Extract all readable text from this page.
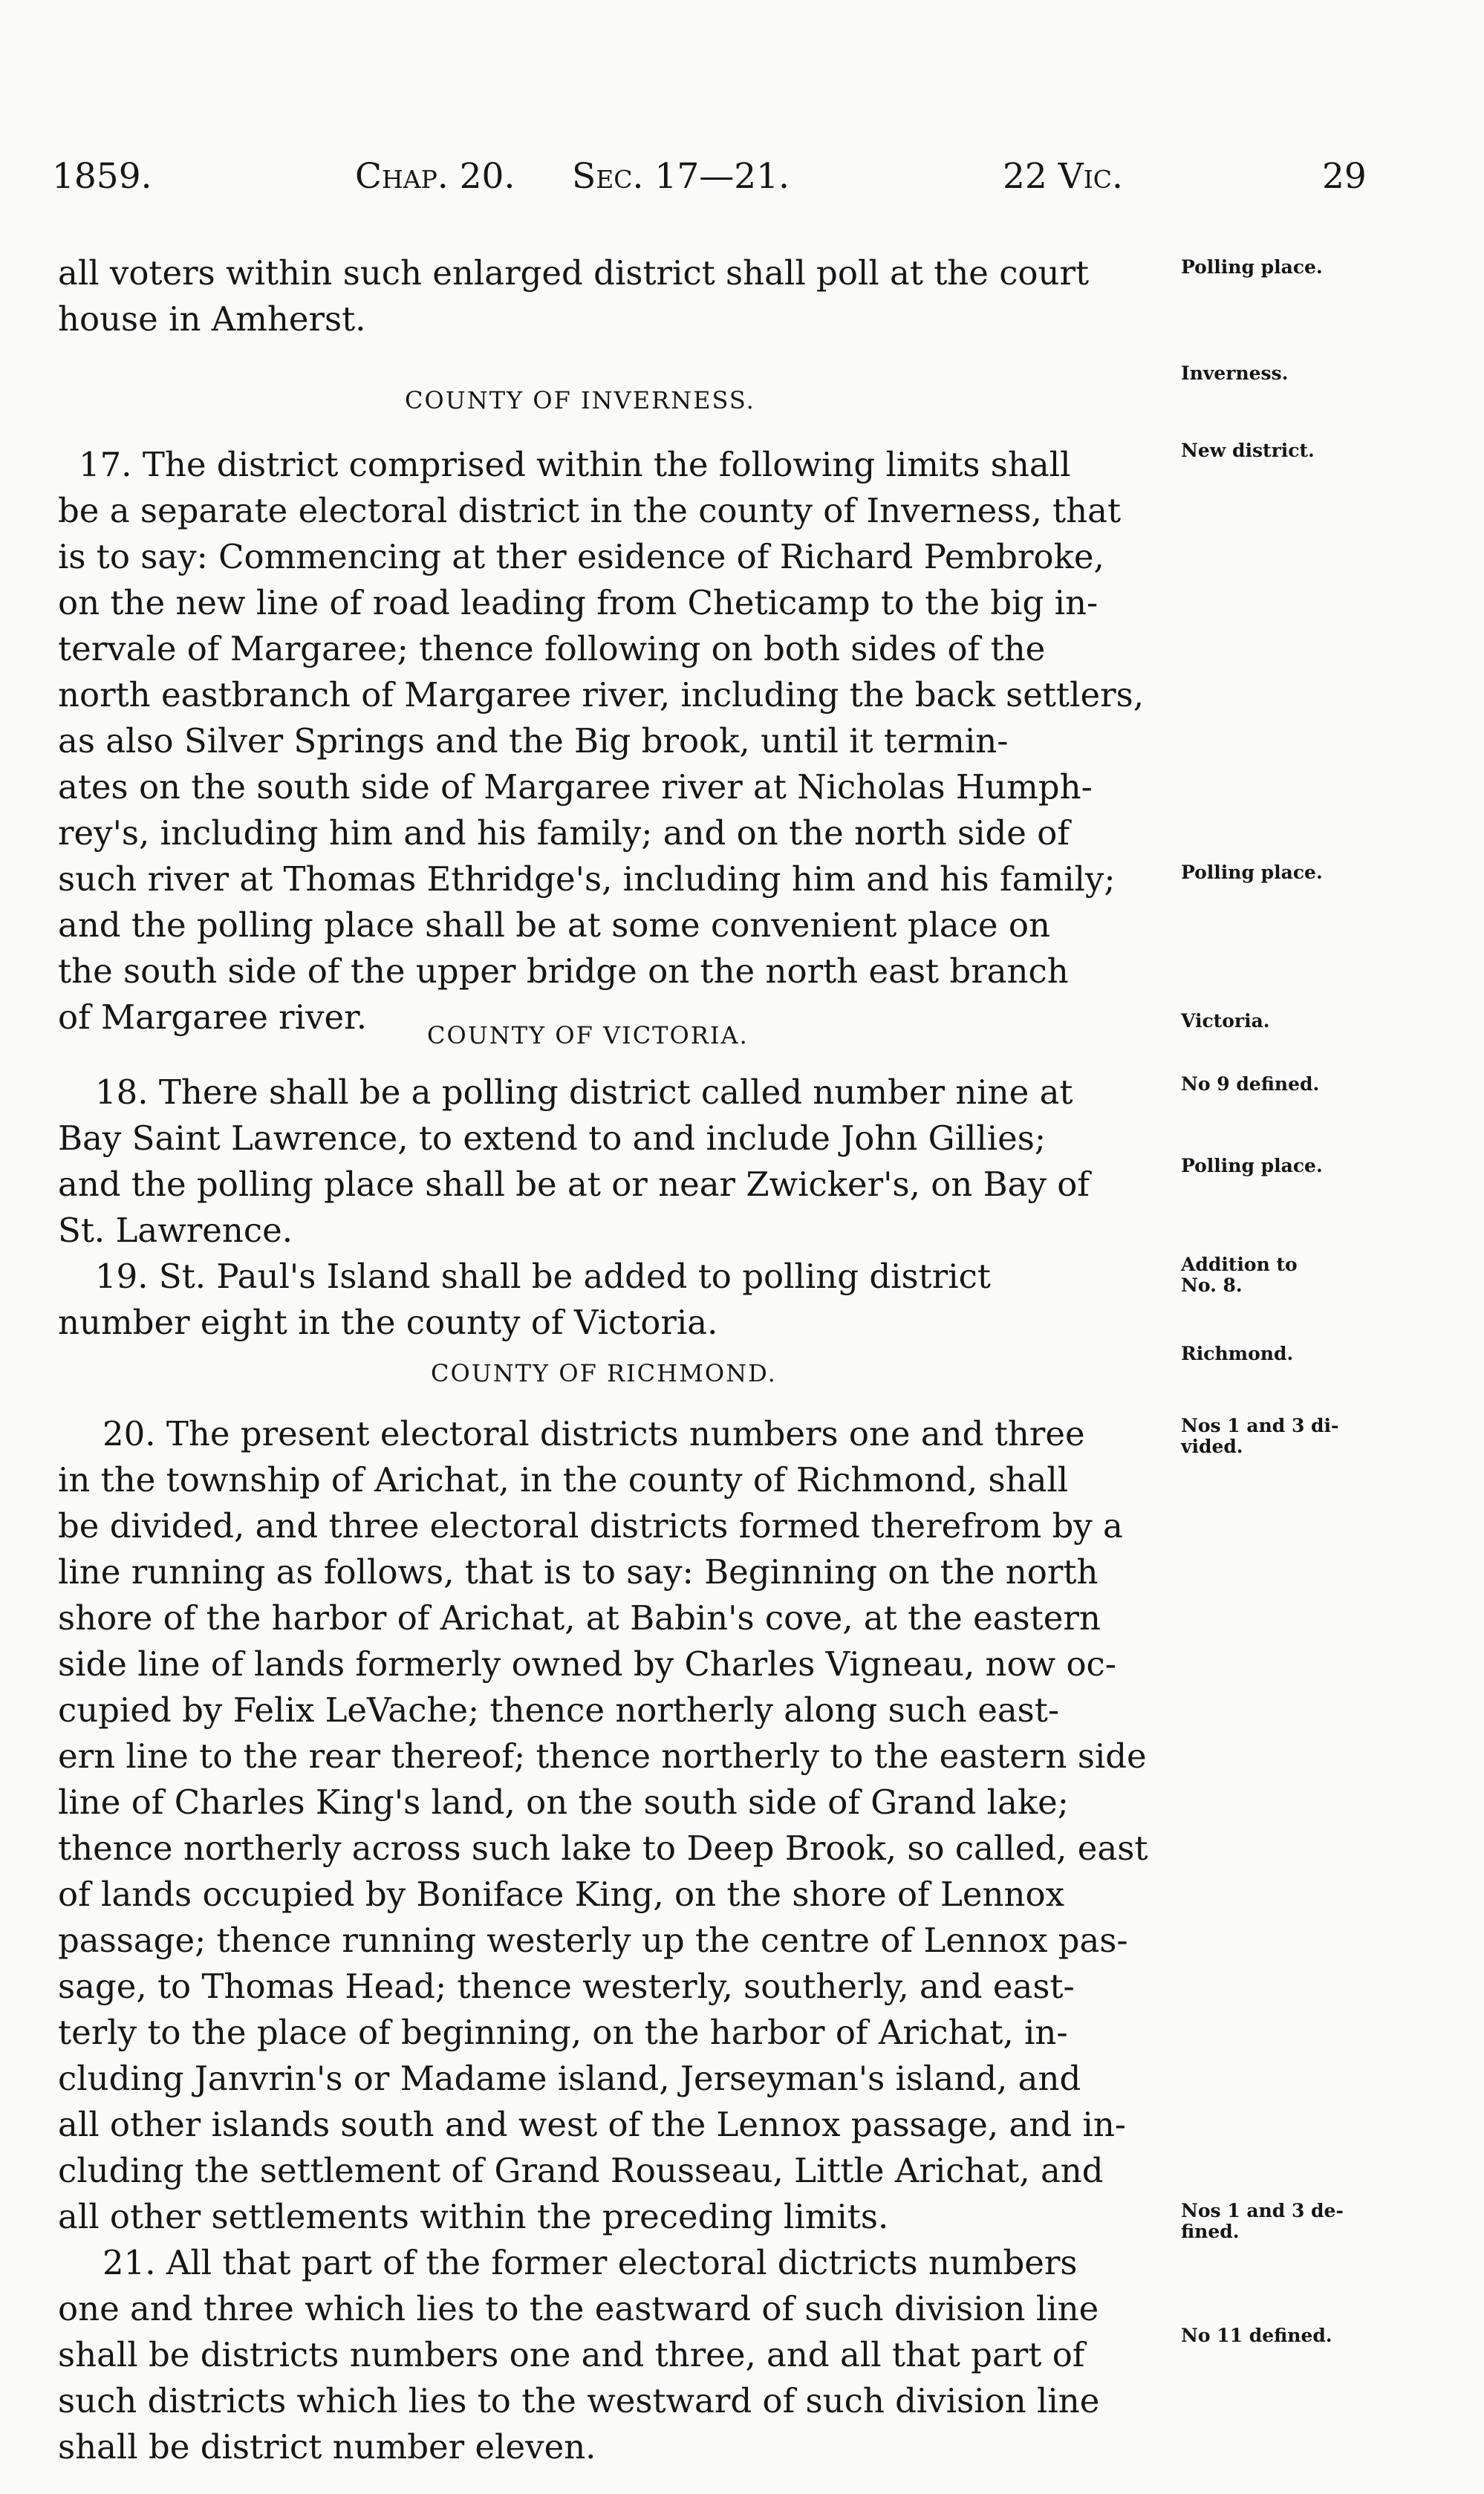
1859.	Chap. 20. Sec. 17—21.	22 Vic.	29
all voters within such enlarged district shall poll at the court
house in Amherst.
COUNTY OF INVERNESS.
17. The district comprised within the following limits shall
be a separate electoral district in the county of Inverness, that
is to say: Commencing at ther esidence of Richard Pembroke,
on the new line of road leading from Cheticamp to the big in-
tervale of Margaree; thence following on both sides of the
north eastbranch of Margaree river, including the back settlers,
as also Silver Springs and the Big brook, until it termin-
ates on the south side of Margaree river at Nicholas Humph-
rey's, including him and his family; and on the north side of
such river at Thomas Ethridge's, including him and his family;
and the polling place shall be at some convenient place on
the south side of the upper bridge on the north east branch
of Margaree river.	COUNTY OF VICTORIA.
18. There shall be a polling district called number nine at
Bay Saint Lawrence, to extend to and include John Gillies;
and the polling place shall be at or near Zwicker's, on Bay of
St. Lawrence.
19. St. Paul's Island shall be added to polling district
number eight in the county of Victoria.
COUNTY OF RICHMOND.
20. The present electoral districts numbers one and three
in the township of Arichat, in the county of Richmond, shall
be divided, and three electoral districts formed therefrom by a
line running as follows, that is to say: Beginning on the north
shore of the harbor of Arichat, at Babin's cove, at the eastern
side line of lands formerly owned by Charles Vigneau, now oc-
cupied by Felix LeVache; thence northerly along such east-
ern line to the rear thereof; thence northerly to the eastern side
line of Charles King's land, on the south side of Grand lake;
thence northerly across such lake to Deep Brook, so called, east
of lands occupied by Boniface King, on the shore of Lennox
passage; thence running westerly up the centre of Lennox pas-
sage, to Thomas Head; thence westerly, southerly, and east-
terly to the place of beginning, on the harbor of Arichat, in-
cluding Janvrin's or Madame island, Jerseyman's island, and
all other islands south and west of the Lennox passage, and in-
cluding the settlement of Grand Rousseau, Little Arichat, and
all other settlements within the preceding limits.
21. All that part of the former electoral dictricts numbers
one and three which lies to the eastward of such division line
shall be districts numbers one and three, and all that part of
such districts which lies to the westward of such division line
shall be district number eleven.
Polling place.
Inverness.
New district.
Polling place.
Victoria.
No 9 defined.
Polling place.
Addition to
No. 8.
Richmond.
Nos 1 and 3 di-
vided.
Nos 1 and 3 de-
fined.
No 11 defined.
